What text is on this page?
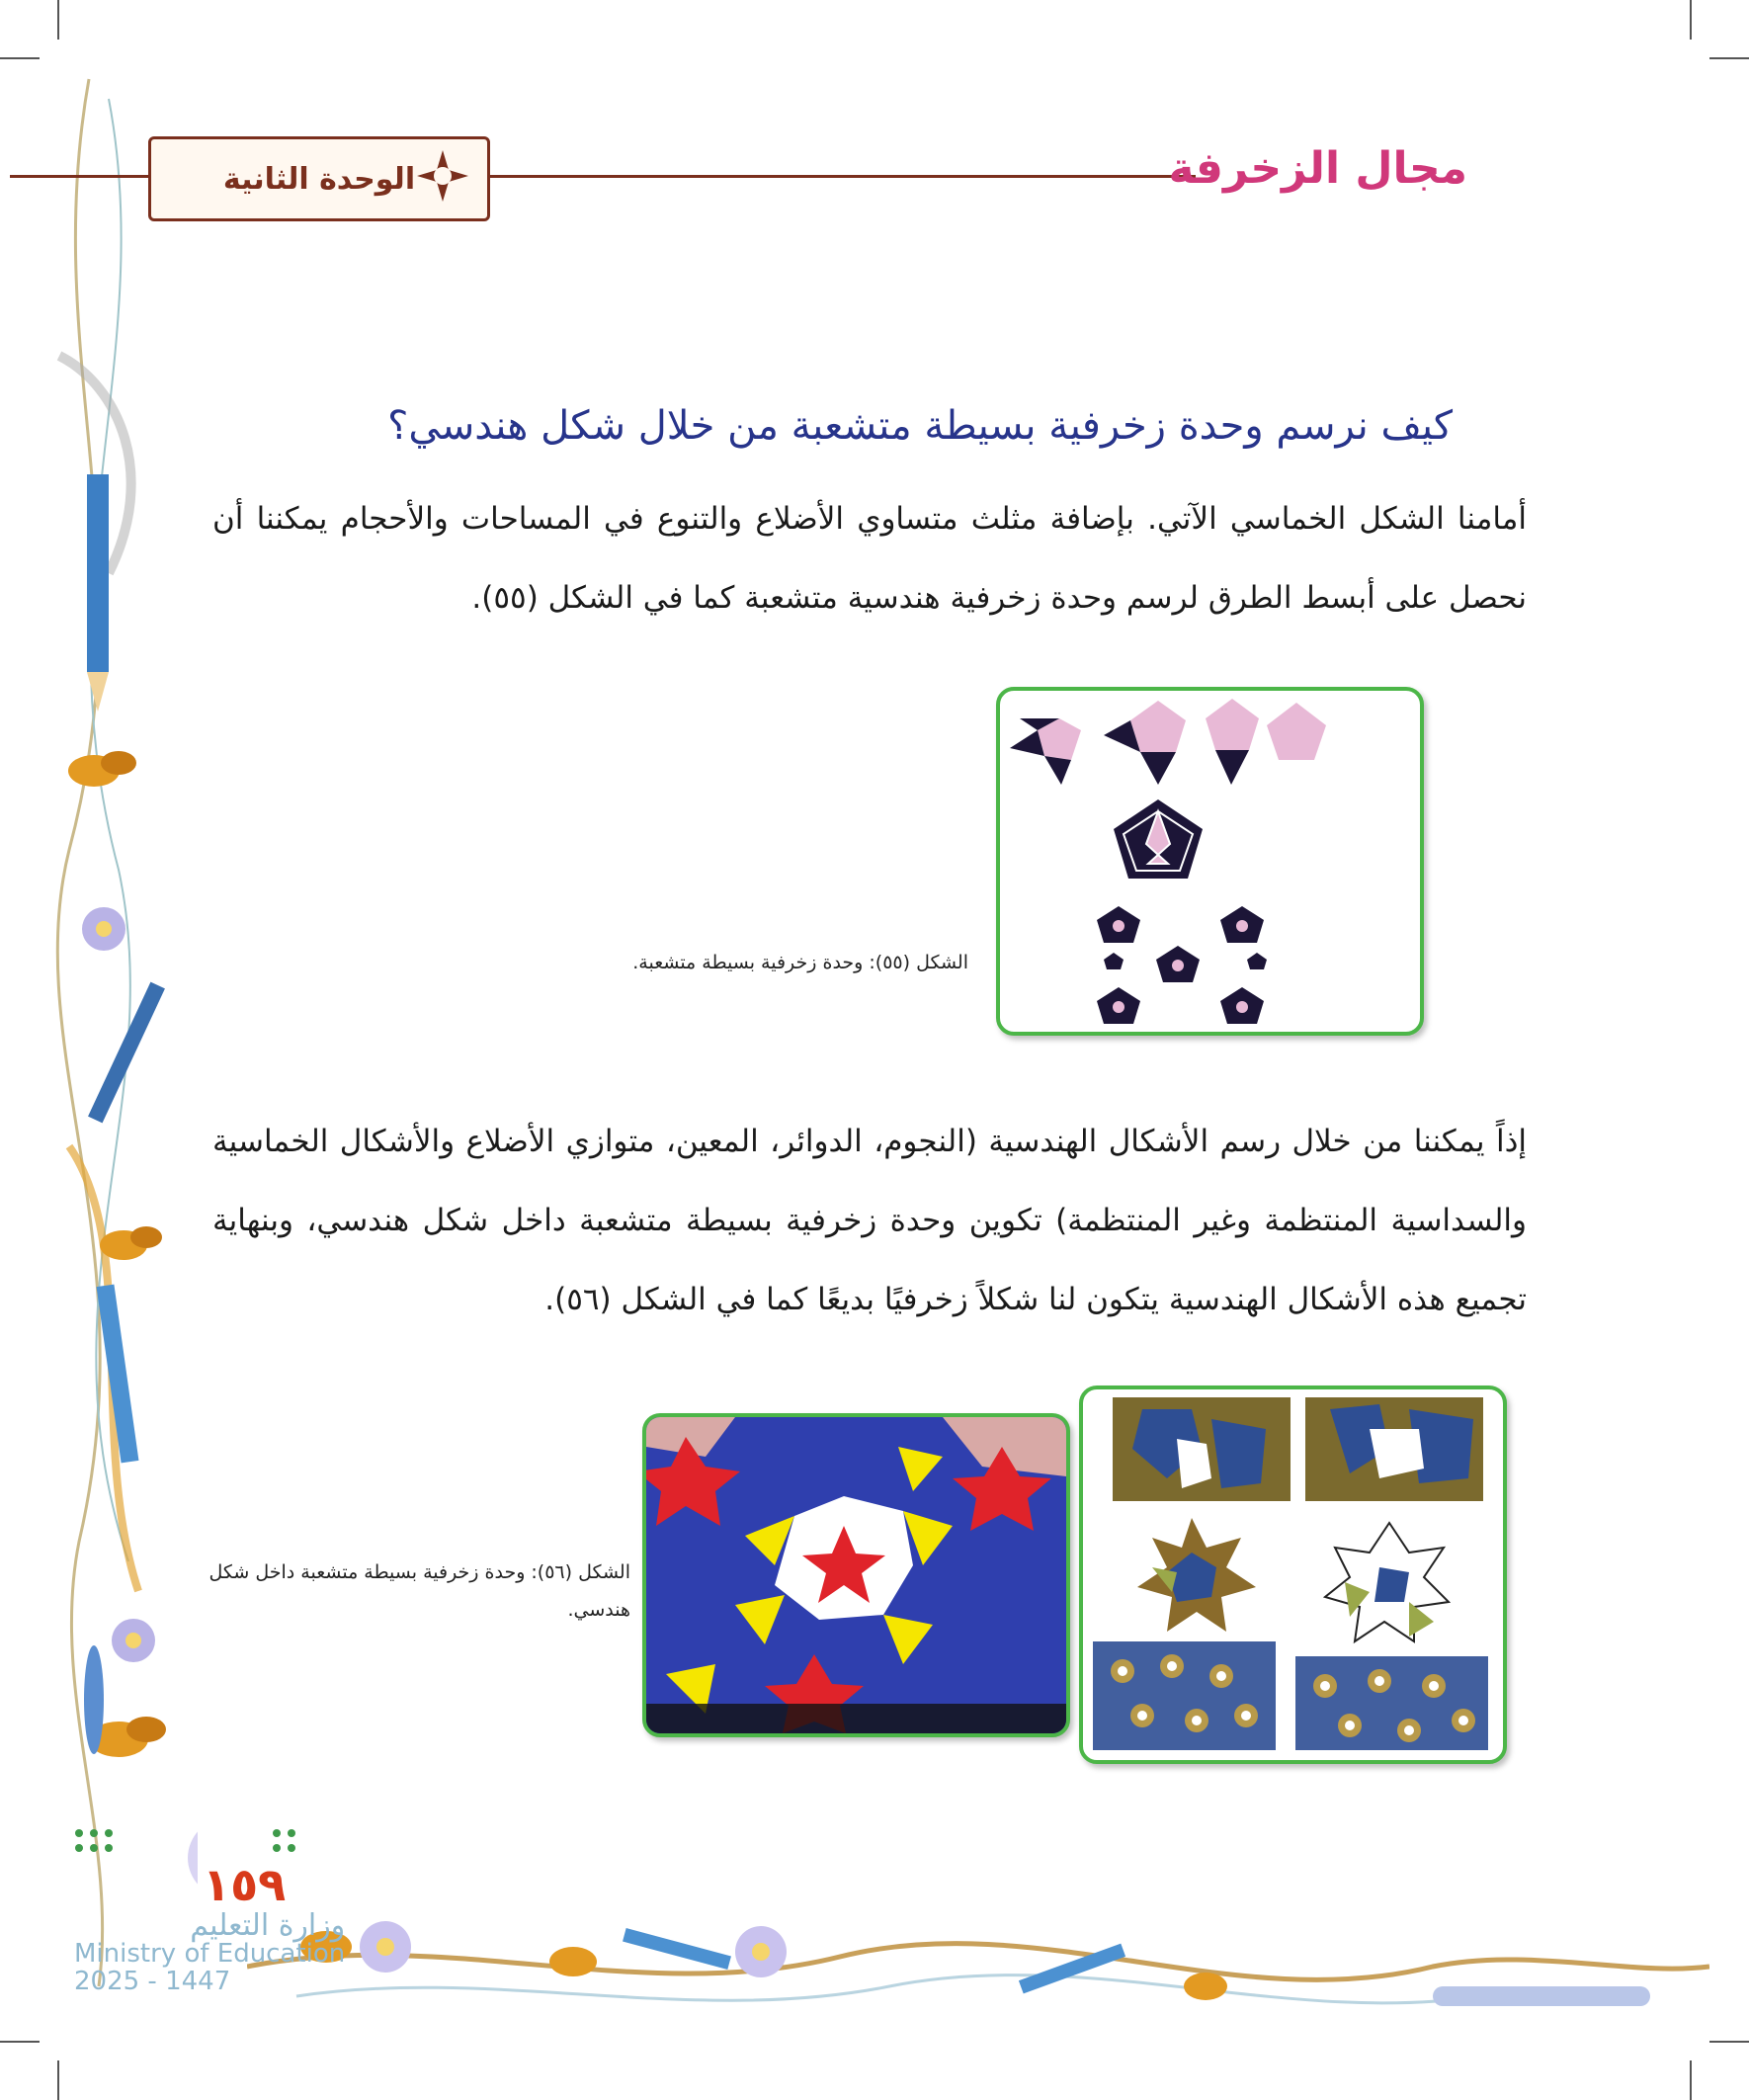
الوحدة الثانية	مجال الزخرفة
كيف نرسم وحدة زخرفية بسيطة متشعبة من خلال شكل هندسي؟
أمامنا الشكل الخماسي الآتي. بإضافة مثلث متساوي الأضلاع والتنوع في المساحات والأحجام يمكننا أن نحصل على أبسط الطرق لرسم وحدة زخرفية هندسية متشعبة كما في الشكل (٥٥).
الشكل (٥٥): وحدة زخرفية بسيطة متشعبة.
إذاً يمكننا من خلال رسم الأشكال الهندسية (النجوم، الدوائر، المعين، متوازي الأضلاع والأشكال الخماسية والسداسية المنتظمة وغير المنتظمة) تكوين وحدة زخرفية بسيطة متشعبة داخل شكل هندسي، وبنهاية تجميع هذه الأشكال الهندسية يتكون لنا شكلاً زخرفيًا بديعًا كما في الشكل (٥٦).
الشكل (٥٦): وحدة زخرفية بسيطة متشعبة داخل شكل هندسي.
١٥٩
وزارة التعليم
Ministry of Education
2025 - 1447
